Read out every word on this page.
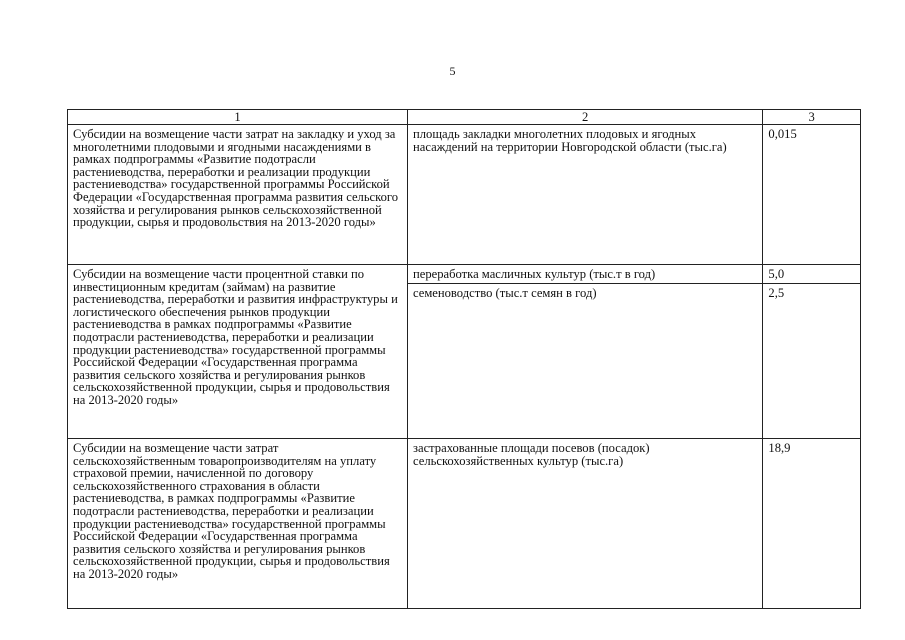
5
1	2	3
Субсидии на возмещение части затрат на закладку и уход за многолетними плодовыми и ягодными насаждениями в рамках подпрограммы «Развитие подотрасли растениеводства, переработки и реализации продукции растениеводства» государственной программы Российской Федерации «Государственная программа развития сельского хозяйства и регулирования рынков сельскохозяйственной продукции, сырья и продовольствия на 2013-2020 годы»	площадь закладки многолетних плодовых и ягодных насаждений на территории Новгородской области (тыс.га)	0,015
Субсидии на возмещение части процентной ставки по инвестиционным кредитам (займам) на развитие растениеводства, переработки и развития инфраструктуры и логистического обеспечения рынков продукции растениеводства в рамках подпрограммы «Развитие подотрасли растениеводства, переработки и реализации продукции растениеводства» государственной программы Российской Федерации «Государственная программа развития сельского хозяйства и регулирования рынков сельскохозяйственной продукции, сырья и продовольствия на 2013-2020 годы»	переработка масличных культур (тыс.т в год)	5,0
	семеноводство (тыс.т семян в год)	2,5
Субсидии на возмещение части затрат сельскохозяйственным товаропроизводителям на уплату страховой премии, начисленной по договору сельскохозяйственного страхования в области растениеводства, в рамках подпрограммы «Развитие подотрасли растениеводства, переработки и реализации продукции растениеводства» государственной программы Российской Федерации «Государственная программа развития сельского хозяйства и регулирования рынков сельскохозяйственной продукции, сырья и продовольствия на 2013-2020 годы»	застрахованные площади посевов (посадок) сельскохозяйственных культур (тыс.га)	18,9
